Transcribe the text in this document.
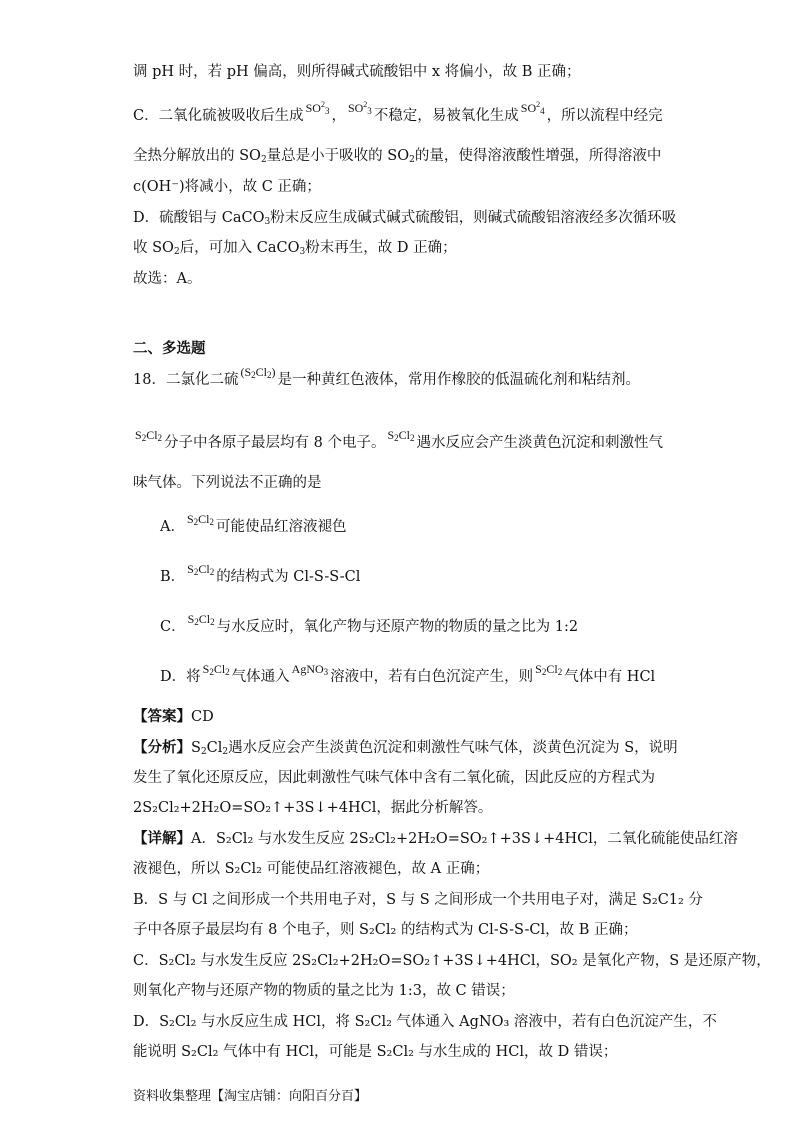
调 pH 时，若 pH 偏高，则所得碱式硫酸铝中 x 将偏小，故 B 正确；
C．二氧化硫被吸收后生成 $SO^2_3$ ， $SO^2_3$ 不稳定，易被氧化生成 $SO^2_4$ ，所以流程中经完
全热分解放出的 $SO_2$量总是小于吸收的 $SO_2$的量，使得溶液酸性增强，所得溶液中
c(OH⁻)将减小，故 C 正确；
D．硫酸铝与 CaCO$_3$粉末反应生成碱式碱式硫酸铝，则碱式硫酸铝溶液经多次循环吸
收 $SO_2$后，可加入 CaCO$_3$粉末再生，故 D 正确；
故选：A。
二、多选题
18．二氯化二硫 $(S_2Cl_2)$ 是一种黄红色液体，常用作橡胶的低温硫化剂和粘结剂。
$S_2Cl_2$ 分子中各原子最层均有 8 个电子。 $S_2Cl_2$ 遇水反应会产生淡黄色沉淀和刺激性气
味气体。下列说法不正确的是
A． $S_2Cl_2$ 可能使品红溶液褪色
B． $S_2Cl_2$ 的结构式为 Cl-S-S-Cl
C． $S_2Cl_2$ 与水反应时，氧化产物与还原产物的物质的量之比为 1:2
D．将 $S_2Cl_2$ 气体通入 AgNO$_3$ 溶液中，若有白色沉淀产生，则 $S_2Cl_2$ 气体中有 HCl
【答案】CD
【分析】$S_2Cl_2$遇水反应会产生淡黄色沉淀和刺激性气味气体，淡黄色沉淀为 S，说明
发生了氧化还原反应，因此刺激性气味气体中含有二氧化硫，因此反应的方程式为
2S₂Cl₂+2H₂O=SO₂↑+3S↓+4HCl，据此分析解答。
【详解】A．S₂Cl₂ 与水发生反应 2S₂Cl₂+2H₂O=SO₂↑+3S↓+4HCl，二氧化硫能使品红溶
液褪色，所以 S₂Cl₂ 可能使品红溶液褪色，故 A 正确；
B．S 与 Cl 之间形成一个共用电子对，S 与 S 之间形成一个共用电子对，满足 S₂C1₂ 分
子中各原子最层均有 8 个电子，则 S₂Cl₂ 的结构式为 Cl-S-S-Cl，故 B 正确；
C．S₂Cl₂ 与水发生反应 2S₂Cl₂+2H₂O=SO₂↑+3S↓+4HCl，SO₂ 是氧化产物，S 是还原产物，
则氧化产物与还原产物的物质的量之比为 1:3，故 C 错误；
D．S₂Cl₂ 与水反应生成 HCl，将 S₂Cl₂ 气体通入 AgNO₃ 溶液中，若有白色沉淀产生，不
能说明 S₂Cl₂ 气体中有 HCl，可能是 S₂Cl₂ 与水生成的 HCl，故 D 错误；
资料收集整理【淘宝店铺：向阳百分百】
